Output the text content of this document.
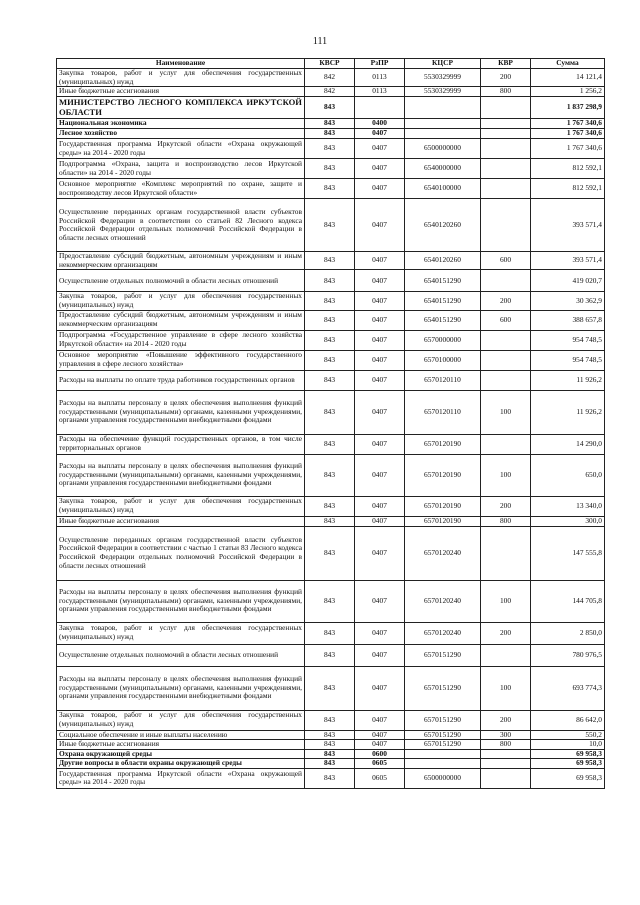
111
Наименование	КВСР	РзПР	КЦСР	КВР	Сумма
Закупка товаров, работ и услуг для обеспечения государственных (муниципальных) нужд	842	0113	5530329999	200	14 121,4
Иные бюджетные ассигнования	842	0113	5530329999	800	1 256,2
МИНИСТЕРСТВО ЛЕСНОГО КОМПЛЕКСА ИРКУТСКОЙ ОБЛАСТИ	843				1 837 298,9
Национальная экономика	843	0400			1 767 340,6
Лесное хозяйство	843	0407			1 767 340,6
Государственная программа Иркутской области «Охрана окружающей среды» на 2014 - 2020 годы	843	0407	6500000000		1 767 340,6
Подпрограмма «Охрана, защита и воспроизводство лесов Иркутской области» на 2014 - 2020 годы	843	0407	6540000000		812 592,1
Основное мероприятие «Комплекс мероприятий по охране, защите и воспроизводству лесов Иркутской области»	843	0407	6540100000		812 592,1
Осуществление переданных органам государственной власти субъектов Российской Федерации в соответствии со статьей 82 Лесного кодекса Российской Федерации отдельных полномочий Российской Федерации в области лесных отношений	843	0407	6540120260		393 571,4
Предоставление субсидий бюджетным, автономным учреждениям и иным некоммерческим организациям	843	0407	6540120260	600	393 571,4
Осуществление отдельных полномочий в области лесных отношений	843	0407	6540151290		419 020,7
Закупка товаров, работ и услуг для обеспечения государственных (муниципальных) нужд	843	0407	6540151290	200	30 362,9
Предоставление субсидий бюджетным, автономным учреждениям и иным некоммерческим организациям	843	0407	6540151290	600	388 657,8
Подпрограмма «Государственное управление в сфере лесного хозяйства Иркутской области» на 2014 - 2020 годы	843	0407	6570000000		954 748,5
Основное мероприятие «Повышение эффективного государственного управления в сфере лесного хозяйства»	843	0407	6570100000		954 748,5
Расходы на выплаты по оплате труда работников государственных органов	843	0407	6570120110		11 926,2
Расходы на выплаты персоналу в целях обеспечения выполнения функций государственными (муниципальными) органами, казенными учреждениями, органами управления государственными внебюджетными фондами	843	0407	6570120110	100	11 926,2
Расходы на обеспечение функций государственных органов, в том числе территориальных органов	843	0407	6570120190		14 290,0
Расходы на выплаты персоналу в целях обеспечения выполнения функций государственными (муниципальными) органами, казенными учреждениями, органами управления государственными внебюджетными фондами	843	0407	6570120190	100	650,0
Закупка товаров, работ и услуг для обеспечения государственных (муниципальных) нужд	843	0407	6570120190	200	13 340,0
Иные бюджетные ассигнования	843	0407	6570120190	800	300,0
Осуществление переданных органам государственной власти субъектов Российской Федерации в соответствии с частью 1 статьи 83 Лесного кодекса Российской Федерации отдельных полномочий Российской Федерации в области лесных отношений	843	0407	6570120240		147 555,8
Расходы на выплаты персоналу в целях обеспечения выполнения функций государственными (муниципальными) органами, казенными учреждениями, органами управления государственными внебюджетными фондами	843	0407	6570120240	100	144 705,8
Закупка товаров, работ и услуг для обеспечения государственных (муниципальных) нужд	843	0407	6570120240	200	2 850,0
Осуществление отдельных полномочий в области лесных отношений	843	0407	6570151290		780 976,5
Расходы на выплаты персоналу в целях обеспечения выполнения функций государственными (муниципальными) органами, казенными учреждениями, органами управления государственными внебюджетными фондами	843	0407	6570151290	100	693 774,3
Закупка товаров, работ и услуг для обеспечения государственных (муниципальных) нужд	843	0407	6570151290	200	86 642,0
Социальное обеспечение и иные выплаты населению	843	0407	6570151290	300	550,2
Иные бюджетные ассигнования	843	0407	6570151290	800	10,0
Охрана окружающей среды	843	0600			69 958,3
Другие вопросы в области охраны окружающей среды	843	0605			69 958,3
Государственная программа Иркутской области «Охрана окружающей среды» на 2014 - 2020 годы	843	0605	6500000000		69 958,3
